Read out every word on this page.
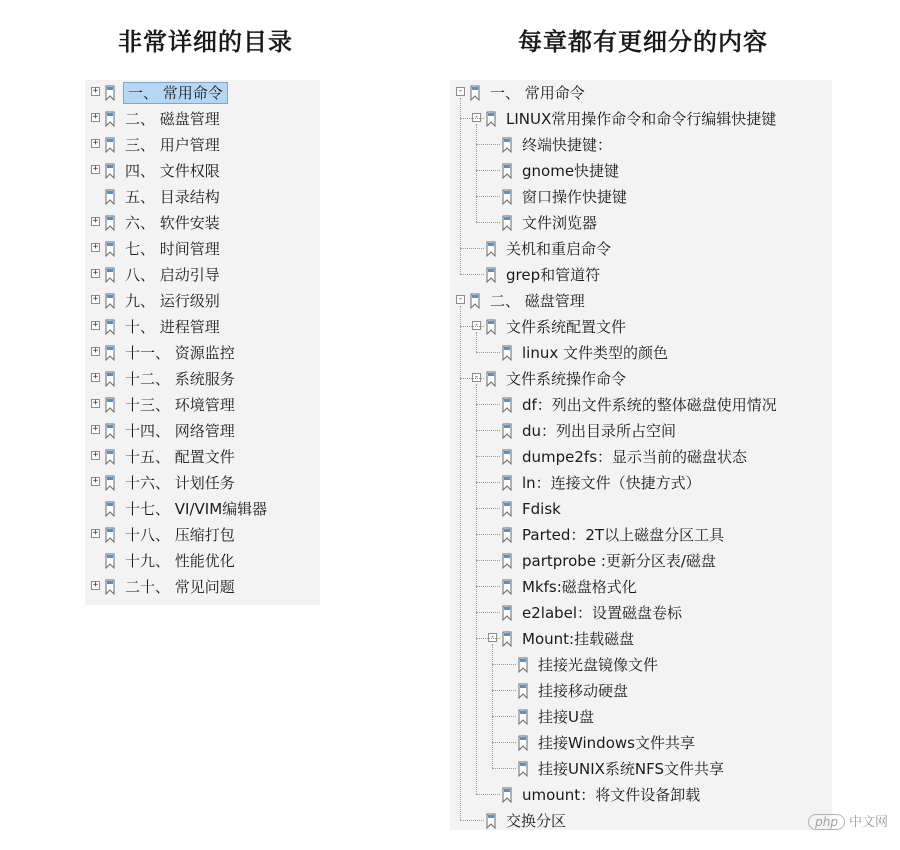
非常详细的目录	每章都有更细分的内容
+	一、 常用命令
+ 二、 磁盘管理
+ 三、 用户管理
+ 四、 文件权限
五、 目录结构
+ 六、 软件安装
+ 七、 时间管理
+ 八、 启动引导
+ 九、 运行级别
+ 十、 进程管理
+ 十一、 资源监控
+ 十二、 系统服务
+ 十三、 环境管理
+ 十四、 网络管理
+ 十五、 配置文件
+ 十六、 计划任务
十七、 VI/VIM编辑器
+ 十八、 压缩打包
十九、 性能优化
+ 二十、 常见问题
- 一、 常用命令
- LINUX常用操作命令和命令行编辑快捷键
终端快捷键：
gnome快捷键
窗口操作快捷键
文件浏览器
关机和重启命令
grep和管道符
- 二、 磁盘管理
- 文件系统配置文件
linux 文件类型的颜色
- 文件系统操作命令
df：列出文件系统的整体磁盘使用情况
du：列出目录所占空间
dumpe2fs：显示当前的磁盘状态
ln：连接文件（快捷方式）
Fdisk
Parted：2T以上磁盘分区工具
partprobe :更新分区表/磁盘
Mkfs:磁盘格式化
e2label：设置磁盘卷标
- Mount:挂载磁盘
挂接光盘镜像文件
挂接移动硬盘
挂接U盘
挂接Windows文件共享
挂接UNIX系统NFS文件共享
umount：将文件设备卸载
交换分区	php 中文网
